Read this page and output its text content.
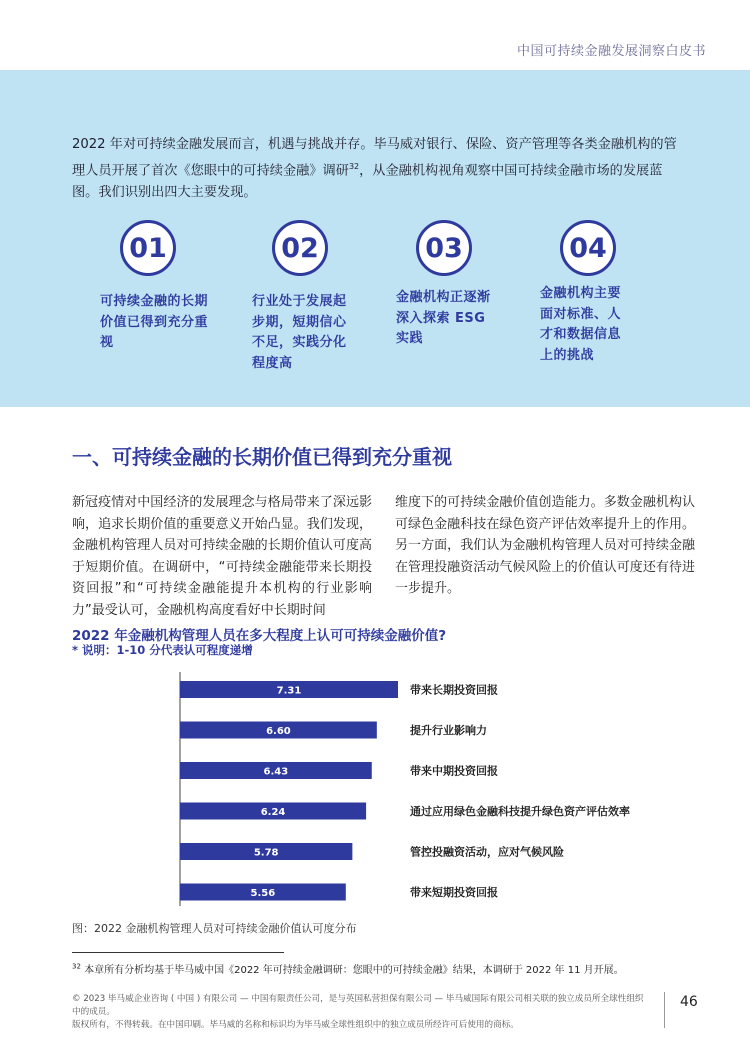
中国可持续金融发展洞察白皮书
2022 年对可持续金融发展而言，机遇与挑战并存。毕马威对银行、保险、资产管理等各类金融机构的管理人员开展了首次《您眼中的可持续金融》调研$^{32}$，从金融机构视角观察中国可持续金融市场的发展蓝图。我们识别出四大主要发现。
01
可持续金融的长期价值已得到充分重视
02
行业处于发展起步期，短期信心不足，实践分化程度高
03
金融机构正逐渐深入探索 ESG 实践
04
金融机构主要面对标准、人才和数据信息上的挑战
一、可持续金融的长期价值已得到充分重视
新冠疫情对中国经济的发展理念与格局带来了深远影响，追求长期价值的重要意义开始凸显。我们发现，金融机构管理人员对可持续金融的长期价值认可度高于短期价值。在调研中，“可持续金融能带来长期投资回报”和“可持续金融能提升本机构的行业影响力”最受认可，金融机构高度看好中长期时间
维度下的可持续金融价值创造能力。多数金融机构认可绿色金融科技在绿色资产评估效率提升上的作用。另一方面，我们认为金融机构管理人员对可持续金融在管理投融资活动气候风险上的价值认可度还有待进一步提升。
2022 年金融机构管理人员在多大程度上认可可持续金融价值?
* 说明：1-10 分代表认可程度递增
7.31	带来长期投资回报
6.60	提升行业影响力
6.43	带来中期投资回报
6.24	通过应用绿色金融科技提升绿色资产评估效率
5.78	管控投融资活动，应对气候风险
5.56	带来短期投资回报
图：2022 金融机构管理人员对可持续金融价值认可度分布
$^{32}$ 本章所有分析均基于毕马威中国《2022 年可持续金融调研：您眼中的可持续金融》结果，本调研于 2022 年 11 月开展。
© 2023 毕马威企业咨询 ( 中国 ) 有限公司 — 中国有限责任公司，是与英国私营担保有限公司 — 毕马威国际有限公司相关联的独立成员所全球性组织中的成员。
版权所有，不得转载。在中国印刷。毕马威的名称和标识均为毕马威全球性组织中的独立成员所经许可后使用的商标。
46
